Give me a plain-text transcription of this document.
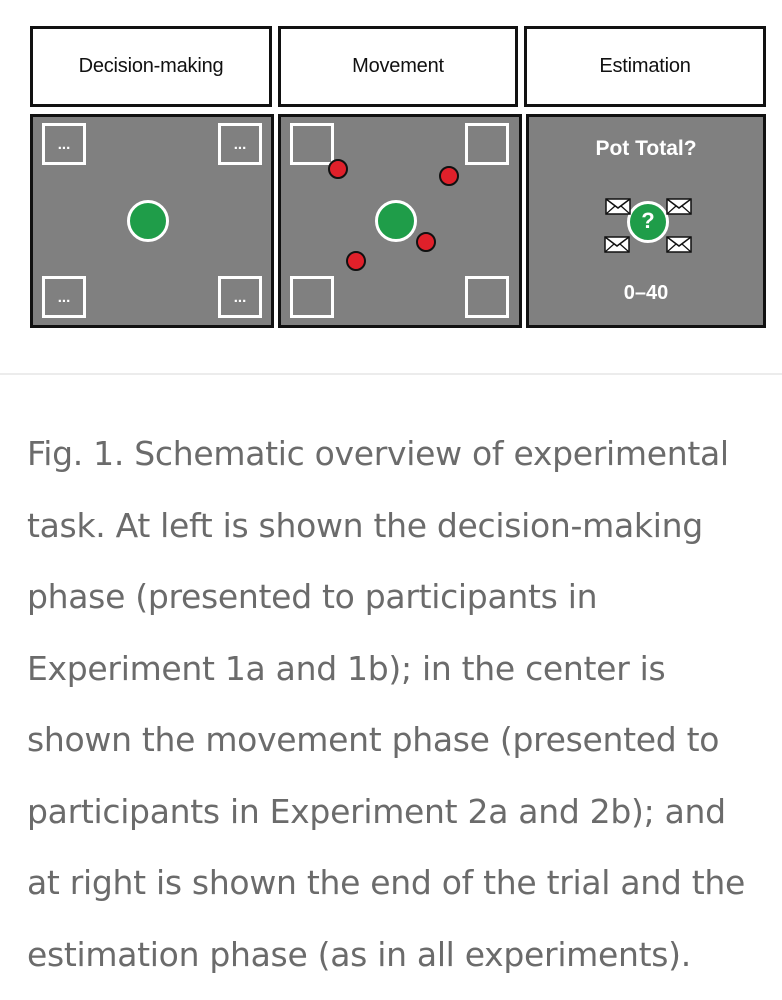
Decision-making	Movement	Estimation
...	...
...	...
Pot Total?
?
0–40
Fig. 1. Schematic overview of experimental task. At left is shown the decision-making phase (presented to participants in Experiment 1a and 1b); in the center is shown the movement phase (presented to participants in Experiment 2a and 2b); and at right is shown the end of the trial and the estimation phase (as in all experiments).
